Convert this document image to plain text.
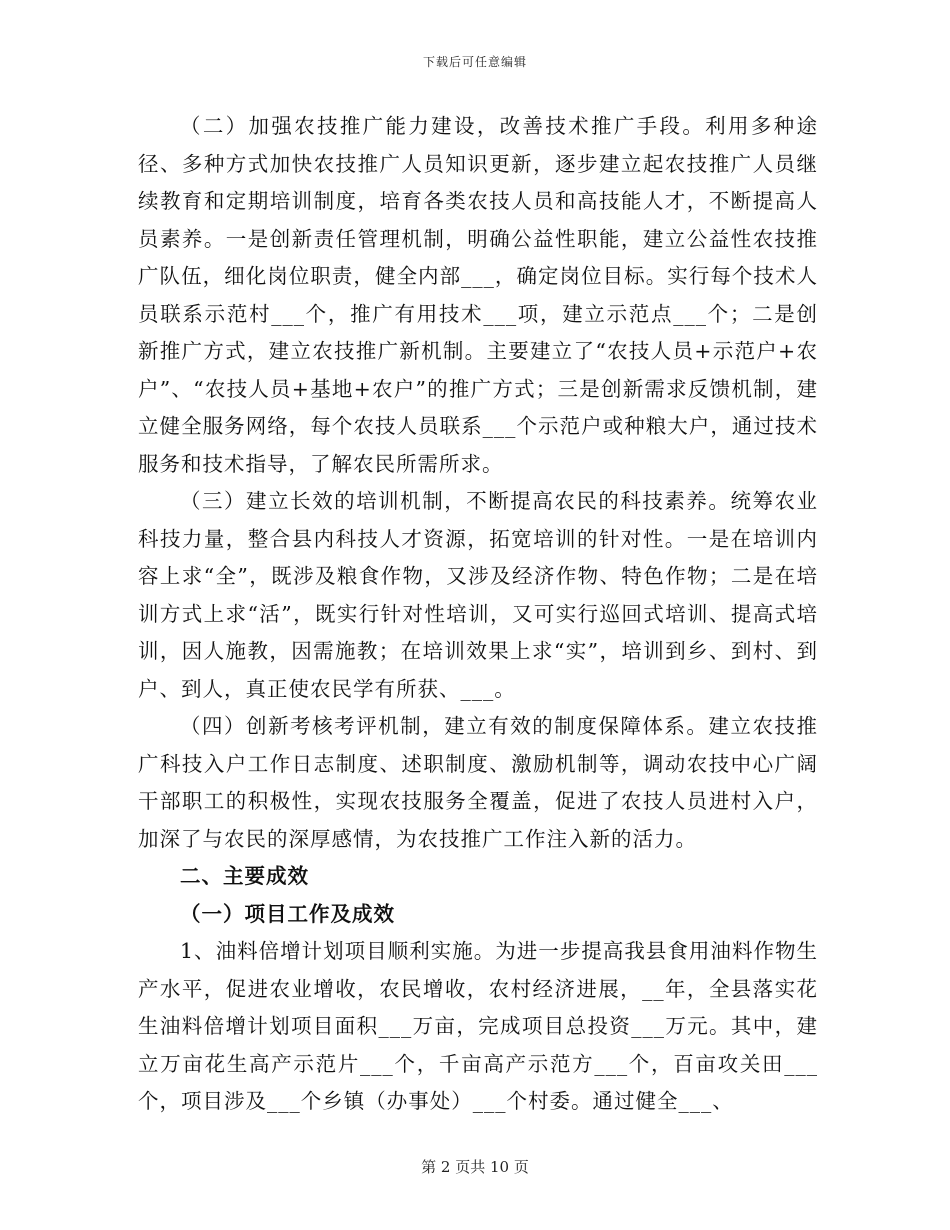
下载后可任意编辑

（二）加强农技推广能力建设，改善技术推广手段。利用多种途径、多种方式加快农技推广人员知识更新，逐步建立起农技推广人员继续教育和定期培训制度，培育各类农技人员和高技能人才，不断提高人员素养。一是创新责任管理机制，明确公益性职能，建立公益性农技推广队伍，细化岗位职责，健全内部___，确定岗位目标。实行每个技术人员联系示范村___个，推广有用技术___项，建立示范点___个；二是创新推广方式，建立农技推广新机制。主要建立了“农技人员+示范户+农户”、“农技人员+基地+农户”的推广方式；三是创新需求反馈机制，建立健全服务网络，每个农技人员联系___个示范户或种粮大户，通过技术服务和技术指导，了解农民所需所求。

（三）建立长效的培训机制，不断提高农民的科技素养。统筹农业科技力量，整合县内科技人才资源，拓宽培训的针对性。一是在培训内容上求“全”，既涉及粮食作物，又涉及经济作物、特色作物；二是在培训方式上求“活”，既实行针对性培训，又可实行巡回式培训、提高式培训，因人施教，因需施教；在培训效果上求“实”，培训到乡、到村、到户、到人，真正使农民学有所获、___。

（四）创新考核考评机制，建立有效的制度保障体系。建立农技推广科技入户工作日志制度、述职制度、激励机制等，调动农技中心广阔干部职工的积极性，实现农技服务全覆盖，促进了农技人员进村入户，加深了与农民的深厚感情，为农技推广工作注入新的活力。

二、主要成效

（一）项目工作及成效

1、油料倍增计划项目顺利实施。为进一步提高我县食用油料作物生产水平，促进农业增收，农民增收，农村经济进展，__年，全县落实花生油料倍增计划项目面积___万亩，完成项目总投资___万元。其中，建立万亩花生高产示范片___个，千亩高产示范方___个，百亩攻关田___个，项目涉及___个乡镇（办事处）___个村委。通过健全___、

第 2 页共 10 页
